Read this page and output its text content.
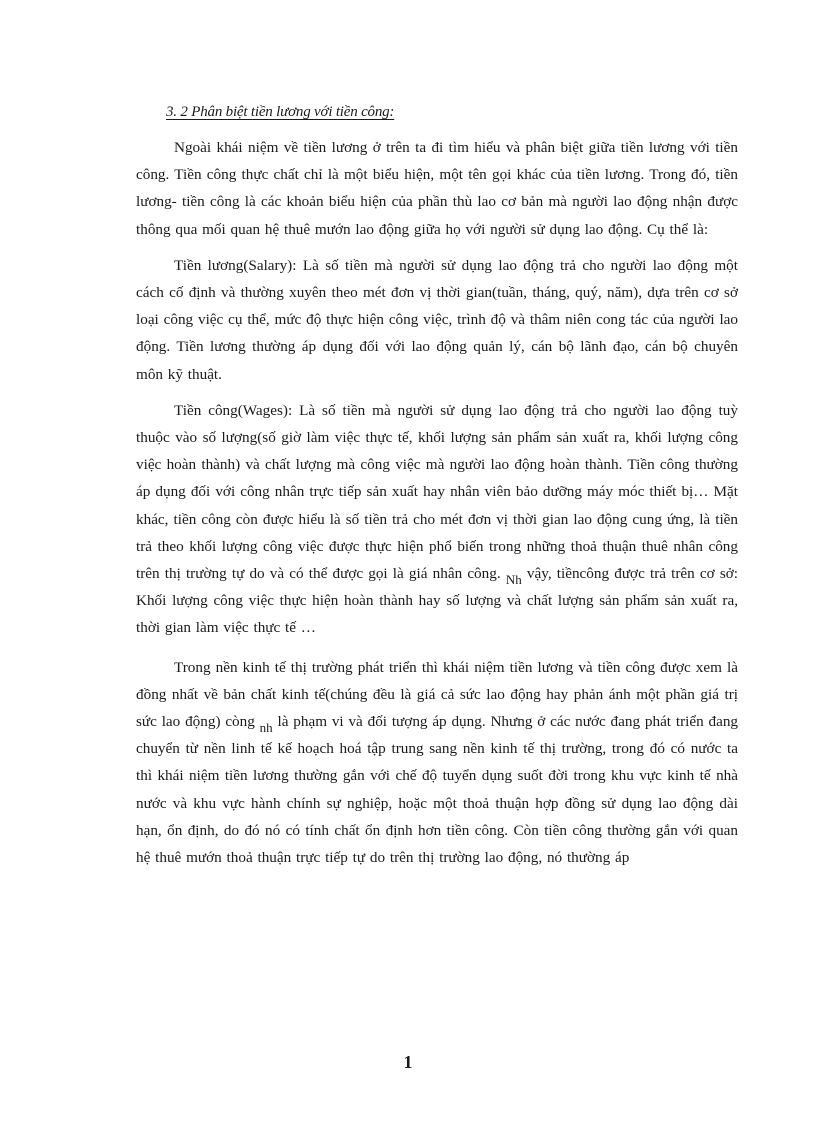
3. 2 Phân biệt tiền lương với tiền công:

Ngoài khái niệm về tiền lương ở trên ta đi tìm hiểu và phân biệt giữa tiền lương với tiền công. Tiền công thực chất chỉ là một biểu hiện, một tên gọi khác của tiền lương. Trong đó, tiền lương- tiền công là các khoản biểu hiện của phần thù lao cơ bản mà người lao động nhận được thông qua mối quan hệ thuê mướn lao động giữa họ với người sử dụng lao động. Cụ thể là:

Tiền lương(Salary): Là số tiền mà người sử dụng lao động trả cho người lao động một cách cố định và thường xuyên theo mét đơn vị thời gian(tuần, tháng, quý, năm), dựa trên cơ sở loại công việc cụ thể, mức độ thực hiện công việc, trình độ và thâm niên cong tác của người lao động. Tiền lương thường áp dụng đối với lao động quản lý, cán bộ lãnh đạo, cán bộ chuyên môn kỹ thuật.

Tiền công(Wages): Là số tiền mà người sử dụng lao động trả cho người lao động tuỳ thuộc vào số lượng(số giờ làm việc thực tế, khối lượng sản phẩm sản xuất ra, khối lượng công việc hoàn thành) và chất lượng mà công việc mà người lao động hoàn thành. Tiền công thường áp dụng đối với công nhân trực tiếp sản xuất hay nhân viên bảo dưỡng máy móc thiết bị… Mặt khác, tiền công còn được hiểu là số tiền trả cho mét đơn vị thời gian lao động cung ứng, là tiền trả theo khối lượng công việc được thực hiện phổ biến trong những thoả thuận thuê nhân công trên thị trường tự do và có thể được gọi là giá nhân công. Nh vậy, tiềncông được trả trên cơ sở: Khối lượng công việc thực hiện hoàn thành hay số lượng và chất lượng sản phẩm sản xuất ra, thời gian làm việc thực tế …

Trong nền kinh tế thị trường phát triển thì khái niệm tiền lương và tiền công được xem là đồng nhất về bản chất kinh tế(chúng đều là giá cả sức lao động hay phản ánh một phần giá trị sức lao động) còng nh là phạm vi và đối tượng áp dụng. Nhưng ở các nước đang phát triển đang chuyển từ nền linh tế kế hoạch hoá tập trung sang nền kinh tế thị trường, trong đó có nước ta thì khái niệm tiền lương thường gắn với chế độ tuyển dụng suốt đời trong khu vực kinh tế nhà nước và khu vực hành chính sự nghiệp, hoặc một thoả thuận hợp đồng sử dụng lao động dài hạn, ổn định, do đó nó có tính chất ổn định hơn tiền công. Còn tiền công thường gắn với quan hệ thuê mướn thoả thuận trực tiếp tự do trên thị trường lao động, nó thường áp

1
